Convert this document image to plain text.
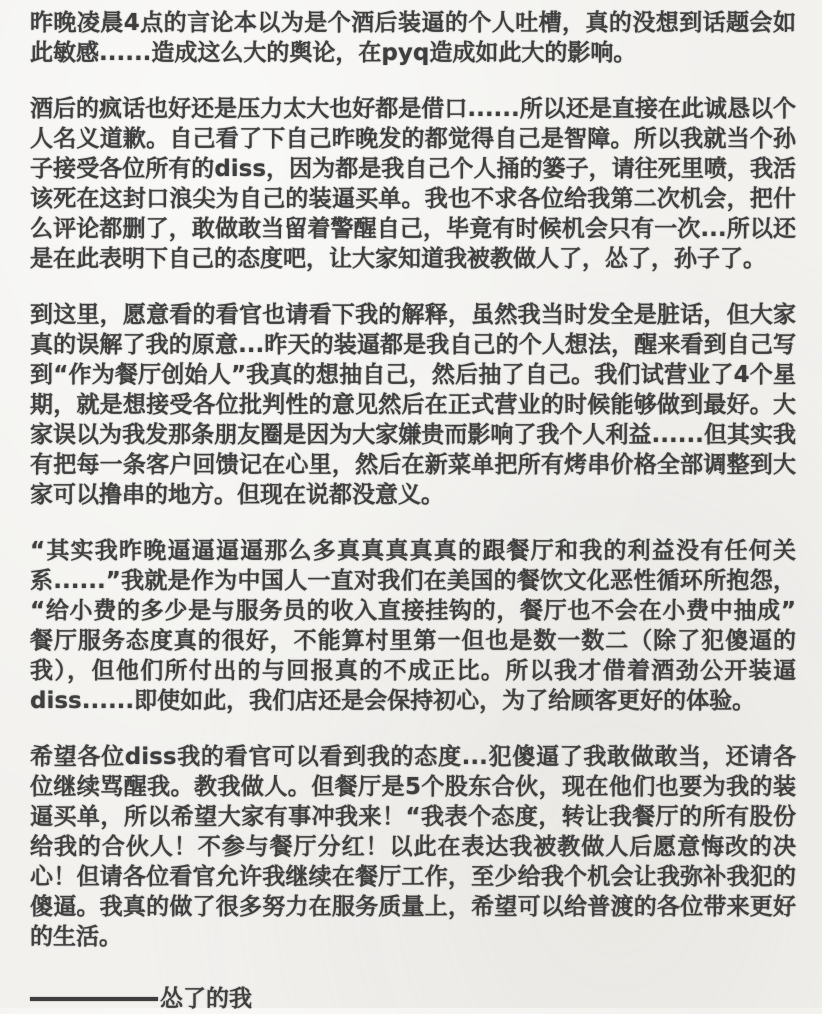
昨晚凌晨4点的言论本以为是个酒后装逼的个人吐槽，真的没想到话题会如此敏感......造成这么大的舆论，在pyq造成如此大的影响。

酒后的疯话也好还是压力太大也好都是借口......所以还是直接在此诚恳以个人名义道歉。自己看了下自己昨晚发的都觉得自己是智障。所以我就当个孙子接受各位所有的diss，因为都是我自己个人捅的篓子，请往死里喷，我活该死在这封口浪尖为自己的装逼买单。我也不求各位给我第二次机会，把什么评论都删了，敢做敢当留着警醒自己，毕竟有时候机会只有一次...所以还是在此表明下自己的态度吧，让大家知道我被教做人了，怂了，孙子了。

到这里，愿意看的看官也请看下我的解释，虽然我当时发全是脏话，但大家真的误解了我的原意...昨天的装逼都是我自己的个人想法，醒来看到自己写到“作为餐厅创始人”我真的想抽自己，然后抽了自己。我们试营业了4个星期，就是想接受各位批判性的意见然后在正式营业的时候能够做到最好。大家误以为我发那条朋友圈是因为大家嫌贵而影响了我个人利益......但其实我有把每一条客户回馈记在心里，然后在新菜单把所有烤串价格全部调整到大家可以撸串的地方。但现在说都没意义。

“其实我昨晚逼逼逼逼那么多真真真真真的跟餐厅和我的利益没有任何关系......”我就是作为中国人一直对我们在美国的餐饮文化恶性循环所抱怨，“给小费的多少是与服务员的收入直接挂钩的，餐厅也不会在小费中抽成”餐厅服务态度真的很好，不能算村里第一但也是数一数二（除了犯傻逼的我），但他们所付出的与回报真的不成正比。所以我才借着酒劲公开装逼diss......即使如此，我们店还是会保持初心，为了给顾客更好的体验。

希望各位diss我的看官可以看到我的态度...犯傻逼了我敢做敢当，还请各位继续骂醒我。教我做人。但餐厅是5个股东合伙，现在他们也要为我的装逼买单，所以希望大家有事冲我来！“我表个态度，转让我餐厅的所有股份给我的合伙人！不参与餐厅分红！以此在表达我被教做人后愿意悔改的决心！但请各位看官允许我继续在餐厅工作，至少给我个机会让我弥补我犯的傻逼。我真的做了很多努力在服务质量上，希望可以给普渡的各位带来更好的生活。

怂了的我
